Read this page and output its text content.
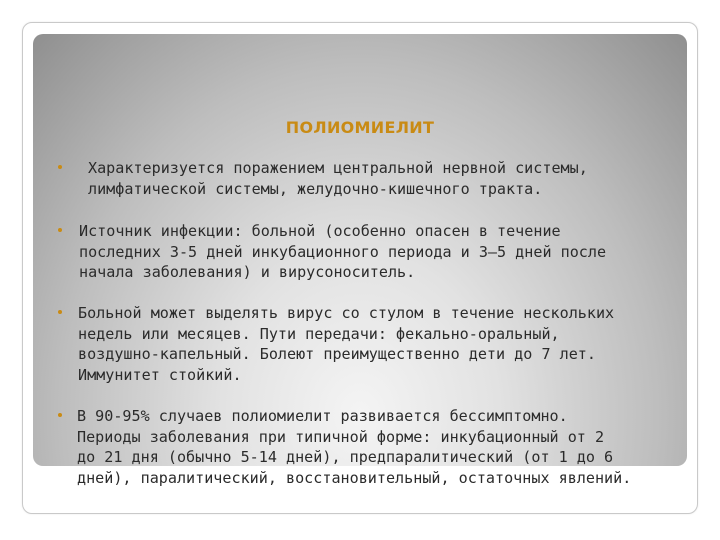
ПОЛИОМИЕЛИТ
Характеризуется поражением центральной нервной системы,
лимфатической системы, желудочно-кишечного тракта.
Источник инфекции: больной (особенно опасен в течение
последних 3-5 дней инкубационного периода и 3—5 дней после
начала заболевания) и вирусоноситель.
Больной может выделять вирус со стулом в течение нескольких
недель или месяцев. Пути передачи: фекально-оральный,
воздушно-капельный. Болеют преимущественно дети до 7 лет.
Иммунитет стойкий.
В 90-95% случаев полиомиелит развивается бессимптомно.
Периоды заболевания при типичной форме: инкубационный от 2
до 21 дня (обычно 5-14 дней), предпаралитический (от 1 до 6
дней), паралитический, восстановительный, остаточных явлений.
